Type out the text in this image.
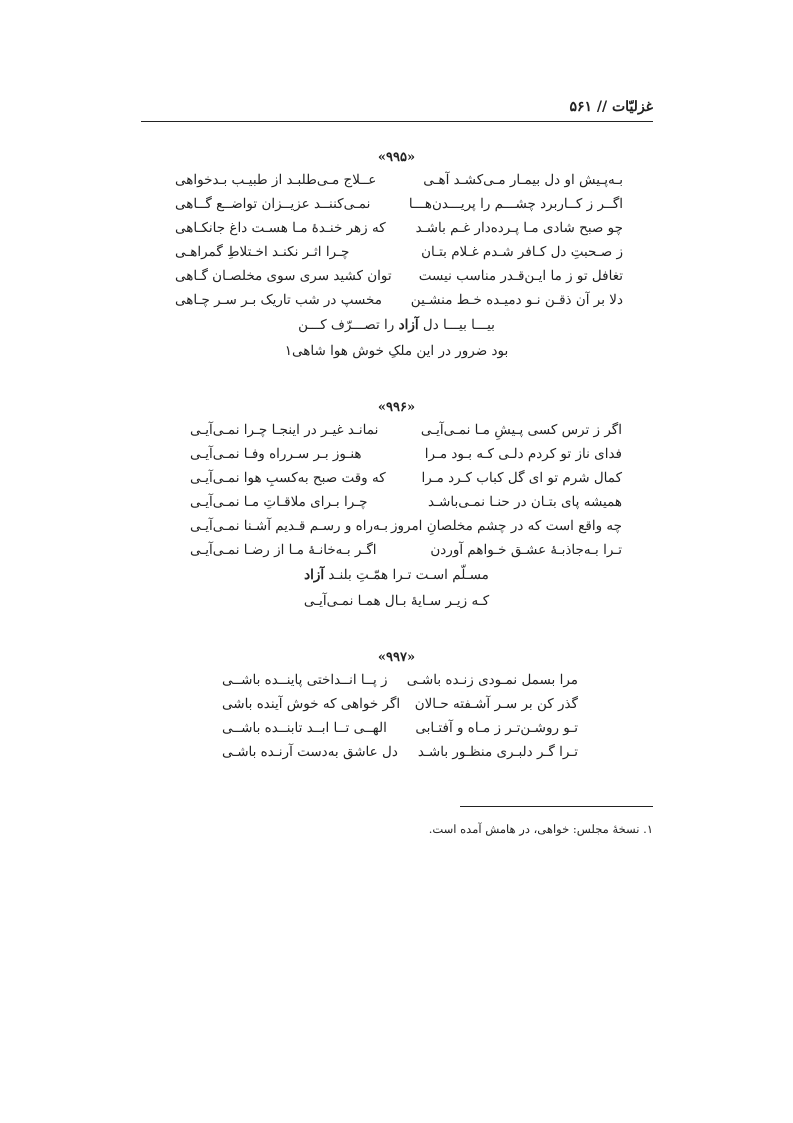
غزلیّات // ۵۶۱
«۹۹۵»
بـه‌پـیش او دل بیمـار مـی‌کشـد آهـی
عــلاج مـی‌طلبـد از طبیـب بـدخواهی
اگــر ز کــاربرد چشـــم را پریـــدن‌هـــا
نمـی‌کننــد عزیــزان تواضــع گــاهی
چو صبح شادی مـا پـرده‌دار غـم باشـد
که زهر خنـدهٔ مـا هسـت داغ جانکـاهی
ز صـحبتِ دل کـافر شـدم غـلام بتـان
چـرا اثـر نکنـد اخـتلاطِ گمراهـی
تغافل تو ز ما ایـن‌قـدر مناسب نیست
توان کشید سری سوی مخلصـان گـاهی
دلا بر آن ذقـن نـو دمیـده خـط منشـین
مخسپ در شب تاریک بـر سـر چـاهی
بیـــا بیـــا دل آزاد را تصـــرّف کـــن
بود ضرور در این ملکِ خوش هوا شاهی۱
«۹۹۶»
اگر ز ترس کسی پـیشِ مـا نمـی‌آیـی
نمانـد غیـر در اینجـا چـرا نمـی‌آیـی
فدای ناز تو کردم دلـی کـه بـود مـرا
هنـوز بـر سـرراه وفـا نمـی‌آیـی
کمال شرم تو ای گل کباب کـرد مـرا
که وقت صبح به‌کسبِ هوا نمـی‌آیـی
همیشه پای بتـان در حنـا نمـی‌باشـد
چـرا بـرای ملاقـاتِ مـا نمـی‌آیـی
چه واقع است که در چشم مخلصانِ امروز
بـه‌راه و رسـم قـدیم آشـنا نمـی‌آیـی
تـرا بـه‌جاذبـهٔ عشـق خـواهم آوردن
اگـر بـه‌خانـهٔ مـا از رضـا نمـی‌آیـی
مسـلّم اسـت تـرا همّـتِ بلنـد آزاد
کـه زیـر سـایهٔ بـال همـا نمـی‌آیـی
«۹۹۷»
مرا بسمل نمـودی زنـده باشـی
ز پــا انــداختی پاینــده باشــی
گذر کن بر سـر آشـفته حـالان
اگر خواهی که خوش آینده باشی
تـو روشـن‌تـر ز مـاه و آفتـابی
الهــی تــا ابــد تابنــده باشــی
تـرا گـر دلبـری منظـور باشـد
دل عاشق به‌دست آرنـده باشـی
۱. نسخهٔ مجلس: خواهی، در هامش آمده است.
